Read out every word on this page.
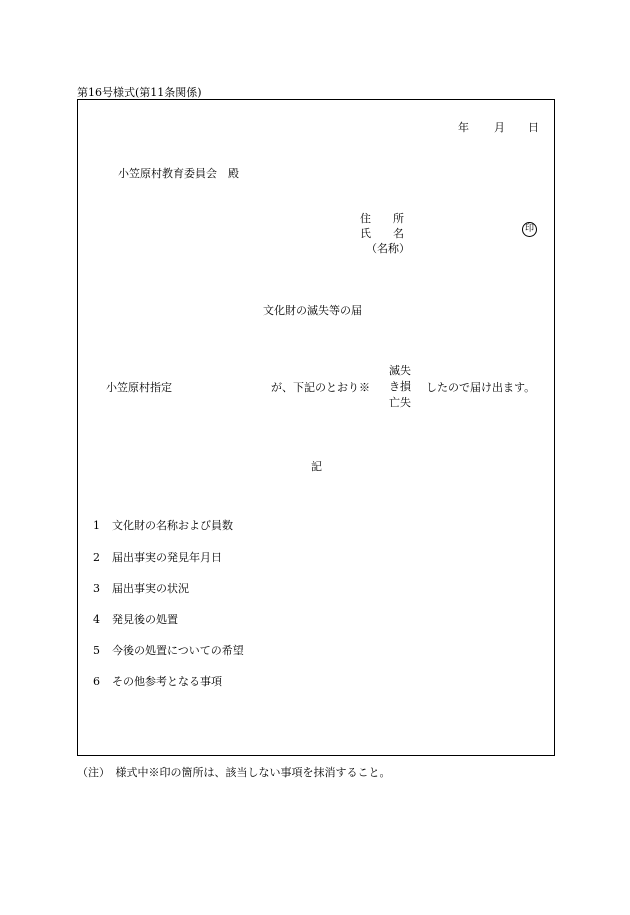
第16号様式(第11条関係)
年 月 日
小笠原村教育委員会　殿
住　　所
氏　　名
（名称）
印
文化財の滅失等の届
小笠原村指定	が、下記のとおり※
滅失
き損
亡失
したので届け出ます。
記
1 文化財の名称および員数
2 届出事実の発見年月日
3 届出事実の状況
4 発見後の処置
5 今後の処置についての希望
6 その他参考となる事項
（注）　様式中※印の箇所は、該当しない事項を抹消すること。
